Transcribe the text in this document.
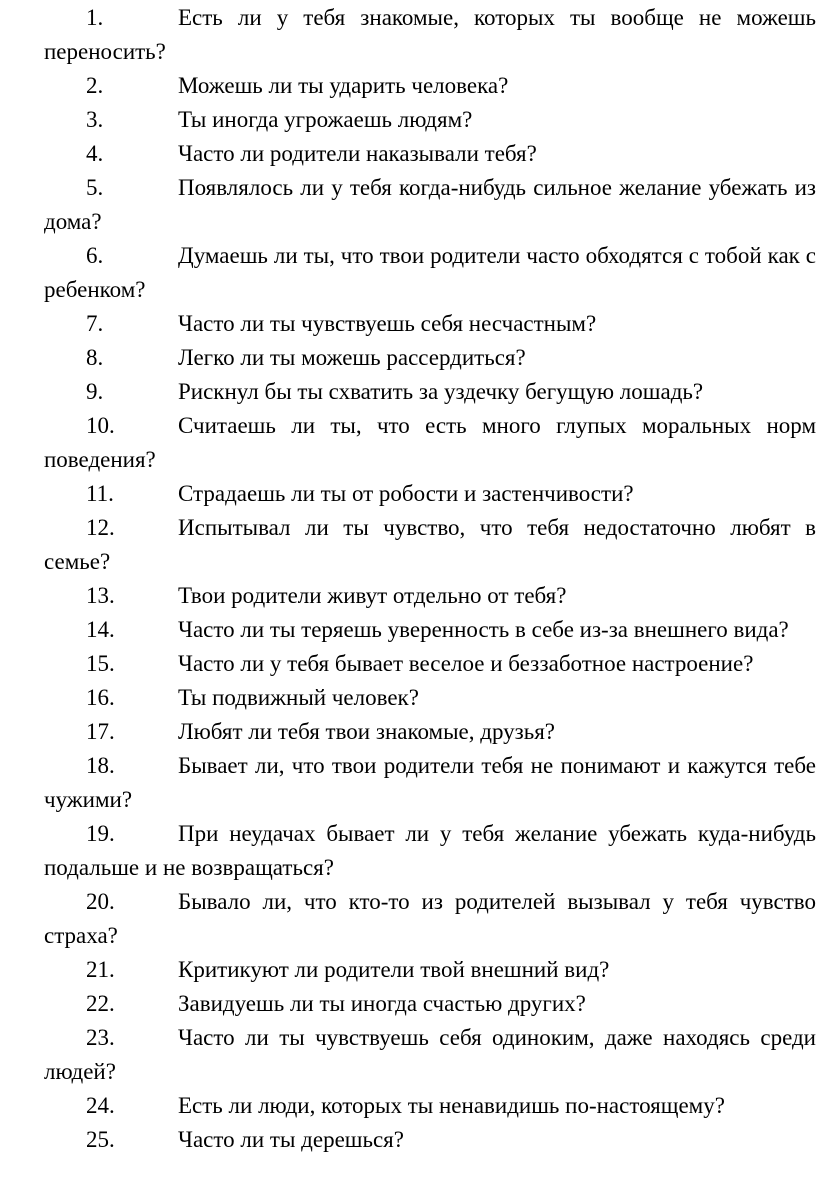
1.	Есть ли у тебя знакомые, которых ты вообще не можешь переносить?

2.	Можешь ли ты ударить человека?

3.	Ты иногда угрожаешь людям?

4.	Часто ли родители наказывали тебя?

5.	Появлялось ли у тебя когда-нибудь сильное желание убежать из дома?

6.	Думаешь ли ты, что твои родители часто обходятся с тобой как с ребенком?

7.	Часто ли ты чувствуешь себя несчастным?

8.	Легко ли ты можешь рассердиться?

9.	Рискнул бы ты схватить за уздечку бегущую лошадь?

10.	Считаешь ли ты, что есть много глупых моральных норм поведения?

11.	Страдаешь ли ты от робости и застенчивости?

12.	Испытывал ли ты чувство, что тебя недостаточно любят в семье?

13.	Твои родители живут отдельно от тебя?

14.	Часто ли ты теряешь уверенность в себе из-за внешнего вида?

15.	Часто ли у тебя бывает веселое и беззаботное настроение?

16.	Ты подвижный человек?

17.	Любят ли тебя твои знакомые, друзья?

18.	Бывает ли, что твои родители тебя не понимают и кажутся тебе чужими?

19.	При неудачах бывает ли у тебя желание убежать куда-нибудь подальше и не возвращаться?

20.	Бывало ли, что кто-то из родителей вызывал у тебя чувство страха?

21.	Критикуют ли родители твой внешний вид?

22.	Завидуешь ли ты иногда счастью других?

23.	Часто ли ты чувствуешь себя одиноким, даже находясь среди людей?

24.	Есть ли люди, которых ты ненавидишь по-настоящему?

25.	Часто ли ты дерешься?
